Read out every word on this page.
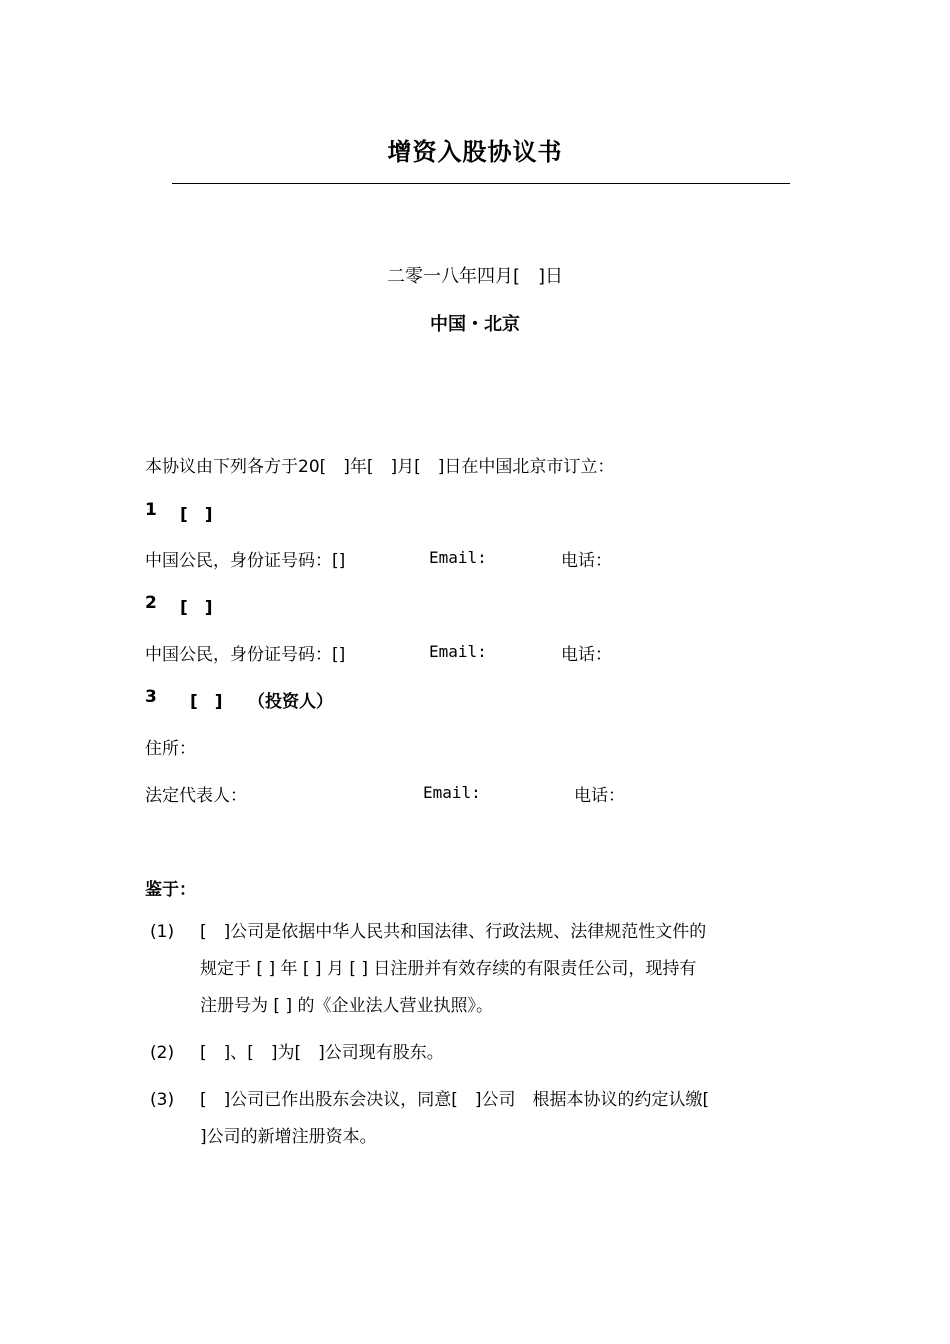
增资入股协议书
二零一八年四月[　]日
中国・北京
本协议由下列各方于20[　]年[　]月[　]日在中国北京市订立：
1 [　]
中国公民，身份证号码：[]	Email:	电话：
2 [　]
中国公民，身份证号码：[]	Email:	电话：
3 [　] （投资人）
住所：
法定代表人：	Email:	电话：
鉴于：
(1) [　]公司是依据中华人民共和国法律、行政法规、法律规范性文件的
规定于 [ ] 年 [ ] 月 [ ] 日注册并有效存续的有限责任公司，现持有
注册号为 [ ] 的《企业法人营业执照》。
(2) [　]、[　]为[　]公司现有股东。
(3) [　]公司已作出股东会决议，同意[　]公司　根据本协议的约定认缴[
]公司的新增注册资本。
